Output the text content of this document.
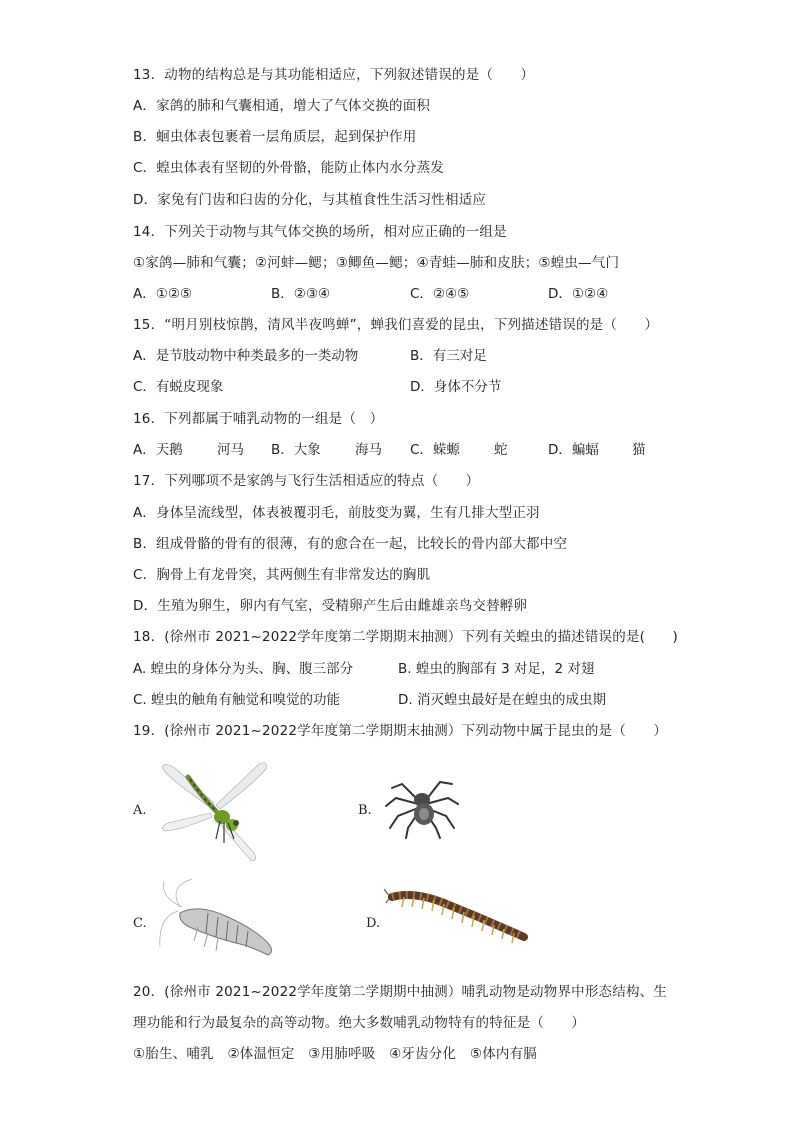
13．动物的结构总是与其功能相适应，下列叙述错误的是（　　）
A．家鸽的肺和气囊相通，增大了气体交换的面积
B．蛔虫体表包裹着一层角质层，起到保护作用
C．蝗虫体表有坚韧的外骨骼，能防止体内水分蒸发
D．家兔有门齿和臼齿的分化，与其植食性生活习性相适应
14．下列关于动物与其气体交换的场所，相对应正确的一组是
①家鸽—肺和气囊；②河蚌—鳃；③鲫鱼—鳃；④青蛙—肺和皮肤；⑤蝗虫—气门
A．①②⑤	B．②③④	C．②④⑤	D．①②④
15．“明月别枝惊鹊，清风半夜鸣蝉”，蝉我们喜爱的昆虫，下列描述错误的是（　　）
A．是节肢动物中种类最多的一类动物	B．有三对足
C．有蜕皮现象	D．身体不分节
16．下列都属于哺乳动物的一组是（　）
A．天鹅	河马 B．大象	海马 C．蝾螈	蛇	D．蝙蝠 猫
17．下列哪项不是家鸽与飞行生活相适应的特点（　　）
A．身体呈流线型，体表被覆羽毛，前肢变为翼，生有几排大型正羽
B．组成骨骼的骨有的很薄，有的愈合在一起，比较长的骨内部大都中空
C．胸骨上有龙骨突，其两侧生有非常发达的胸肌
D．生殖为卵生，卵内有气室，受精卵产生后由雌雄亲鸟交替孵卵
18．(徐州市 2021~2022学年度第二学期期末抽测）下列有关蝗虫的描述错误的是(　　)
A. 蝗虫的身体分为头、胸、腹三部分	B. 蝗虫的胸部有 3 对足，2 对翅
C. 蝗虫的触角有触觉和嗅觉的功能	D. 消灭蝗虫最好是在蝗虫的成虫期
19．(徐州市 2021~2022学年度第二学期期末抽测）下列动物中属于昆虫的是（　　）
A.	B.
C.	D.
20．(徐州市 2021~2022学年度第二学期期中抽测）哺乳动物是动物界中形态结构、生
理功能和行为最复杂的高等动物。绝大多数哺乳动物特有的特征是（　　）
①胎生、哺乳　②体温恒定　③用肺呼吸　④牙齿分化　⑤体内有膈
